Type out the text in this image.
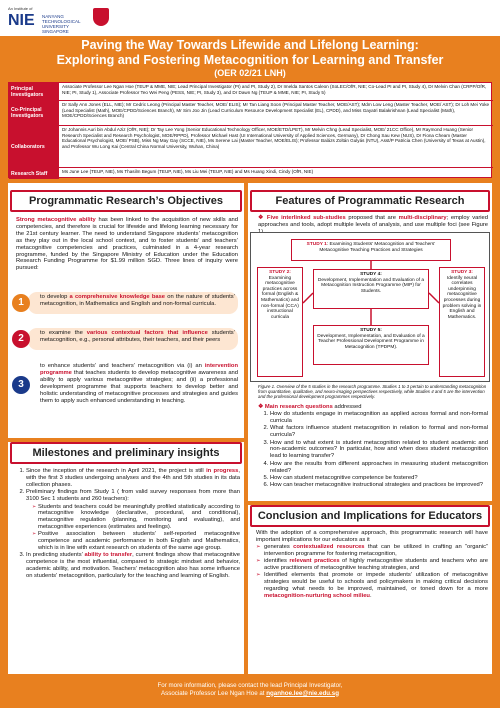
An Institute of
NIE NANYANG TECHNOLOGICAL UNIVERSITY SINGAPORE
Paving the Way Towards Lifewide and Lifelong Learning:
Exploring and Fostering Metacognition for Learning and Transfer
(OER 02/21 LNH)
Principal Investigators
Associate Professor Lee Ngan Hoe (TEUP & MME, NIE; Lead Principal Investigator (PI) and PI, Study 2), Dr Imelda Santos Caleon (SoLEC/OfR, NIE; Co-Lead PI and PI, Study 4), Dr Melvin Chan (CRPP/OfR, NIE; PI, Study 1), Associate Professor Teo Wei Peng (PESS, NIE; PI, Study 3), and Dr Dawn Ng (TEUP & MME, NIE; PI, Study 5)
Co-Principal Investigators
Dr Sally Ann Jones (ELL, NIE); Mr Cedric Leong (Principal Master Teacher, MOE/ ELIS); Mr Tan Liang Soon (Principal Master Teacher, MOE/AST); Mdm Low Leng (Master Teacher, MOE/ AST); Dr Loh Mei Yoke (Lead Specialist (Math), MOE/CPDD/Sciences Branch), Mr Sim Joo Jin (Lead Curriculum Resource Development Specialist (EL), CPDD), and Miss Gayatri Balakrishnan (Lead Specialist (Math), MOE/CPDD/Sciences Branch)
Collaborators
Dr Johannis Auri bin Abdul Aziz (OfR, NIE); Dr Tay Lee Yong (Senior Educational Technology Officer, MOE/ETD/LPET), Mr Melvin Chng (Lead Specialist, MOE/ 21CC Office), Mr Raymond Huang (Senior Research Specialist and Research Psychologist, MOE/RPPD), Professor Michael Hast (UI International University of Applied Sciences, Germany), Dr Chong Sau Kew (NUS), Dr Fiona Cheam (Master Educational Psychologist, MOE/ PSB), Miss Ng May Gay (SCCE, NIE), Ms Serene Lai (Master Teacher, MOE/ELIS); Professor Balázs Zoltán Gulyás (NTU), Asst/P Patricia Chen (University of Texas at Austin), and Professor Wu Long Kai (Central China Normal University, Wuhan, China)
Research Staff	Ms June Lee (TEUP, NIE), Ms Thasilm Begum (TEUP, NIE), Ms Liu Mei (TEUP, NIE) and Ms Huang Xindi, Cindy (OfR, NIE)
Programmatic Research’s Objectives
Strong metacognitive ability has been linked to the acquisition of new skills and competencies, and therefore is crucial for lifewide and lifelong learning necessary for the 21st century learner. The need to understand Singapore students’ metacognition as they play out in the local school context, and to foster students’ and teachers’ metacognitive competencies and practices, culminated in a 4-year research programme, funded by the Singapore Ministry of Education under the Education Research Funding Programme for $1.99 million SGD. Three lines of inquiry were pursued:
1	to develop a comprehensive knowledge base on the nature of students’ metacognition, in Mathematics and English and non-formal curricula.
2	to examine the various contextual factors that influence students’ metacognition, e.g., personal attributes, their teachers, and their peers
3
to enhance students’ and teachers’ metacognition via (i) an intervention programme that teaches students to develop metacognitive awareness and ability to apply various metacognitive strategies; and (ii) a professional development programme that supports teachers to develop better and holistic understanding of metacognitive processes and strategies and guides them to apply such enhanced understanding in teaching.
Features of Programmatic Research
❖ Five interlinked sub-studies proposed that are multi-disciplinary; employ varied approaches and tools, adopt multiple levels of analysis, and use multiple foci (see Figure
STUDY 1: Examining Students’ Metacognition and Teachers’ Metacognitive Teaching Practices and Strategies
STUDY 2:
Examining metacognitive practices across formal (English & Mathematics) and non-formal (CCA) instructional curricula
STUDY 3:
Identify neural correlates underpinning metacognitive processes during problem solving in English and Mathematics.
STUDY 4:
Development, Implementation and Evaluation of a Metacognition Instruction Programme (MIP) for Students.
STUDY 5:
Development, Implementation, and Evaluation of a Teacher Professional Development Programme in Metacognition (TPDPM).
Figure 1. Overview of the 5 studies in the research programme. Studies 1 to 3 pertain to understanding metacognition from quantitative, qualitative, and neuro-imaging perspectives respectively, while Studies 4 and 5 are the intervention and the professional development programmes respectively.
❖ Main research questions addressed
1. How do students engage in metacognition as applied across formal and non-formal curricula
2. What factors influence student metacognition in relation to formal and non-formal curricula?
3. How and to what extent is student metacognition related to student academic and non-academic outcomes? In particular, how and when does student metacognition lead to learning transfer?
4. How are the results from different approaches in measuring student metacognition related?
5. How can student metacognitive competence be fostered?
6. How can teacher metacognitive instructional strategies and practices be improved?
Milestones and preliminary insights
1. Since the inception of the research in April 2021, the project is still in progress, with the first 3 studies undergoing analyses and the 4th and 5th studies in its data collection phases.
2. Preliminary findings from Study 1 ( from valid survey responses from more than 3100 Sec 1 students and 260 teachers):
➢ Students and teachers could be meaningfully profiled statistically according to metacognitive knowledge (declarative, procedural, and conditional), metacognitive regulation (planning, monitoring and evaluating), and metacognitive experiences (estimates and feelings).
➢ Positive association between students’ self-reported metacognitive competence and academic performance in both English and Mathematics, which is in line with extant research on students of the same age group.
3. In predicting students’ ability to transfer, current findings show that metacognitive competence is the most influential, compared to strategic mindset and behavior, academic ability, and motivation. Teachers’ metacognition also has some influence on students’ metacognition, particularly for the teaching and learning of English.
Conclusion and Implications for Educators
With the adoption of a comprehensive approach, this programmatic research will have important implications for our educators as it
➢ generates contextualized resources that can be utilized in crafting an “organic” intervention programme for fostering metacognition,
➢ identifies relevant practices of highly metacognitive students and teachers who are active practitioners of metacognitive teaching strategies, and
➢ Identified elements that promote or impede students’ utilization of metacognitive strategies would be useful to schools and policymakers in making critical decisions regarding what needs to be improved, maintained, or toned down for a more metacognition-nurturing school milieu.
For more information, please contact the lead Principal Investigator,
Associate Professor Lee Ngan Hoe at nganhoe.lee@nie.edu.sg
